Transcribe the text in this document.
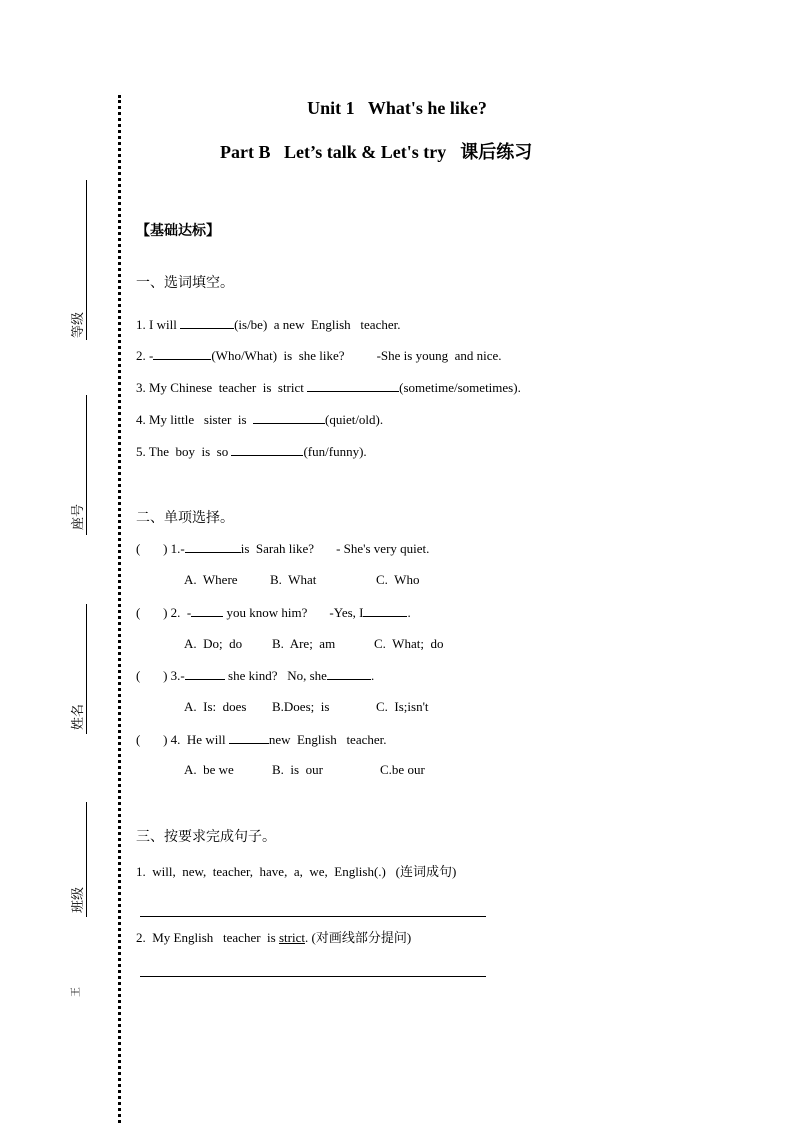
等级
座号
姓名
班级
王
Unit 1   What's he like?
Part B   Let’s talk & Let's try 课后练习
【基础达标】
一、选词填空。
1. I will	(is/be)  a new  English   teacher.
2. -	(Who/What)  is  she like? -She is young  and nice.
3. My Chinese  teacher  is  strict	(sometime/sometimes).
4. My little   sister  is	(quiet/old).
5. The  boy  is  so	(fun/funny).
二、单项选择。
(       ) 1.-	is  Sarah like? - She's very quiet.
A.  Where B.  What	C.  Who
(       ) 2.  - you know him? -Yes, I	.
A.  Do;  do B.  Are;  am	C.  What;  do
(       ) 3.-	she kind?   No, she	.
A.  Is:  does B.Does;  is	C.  Is;isn't
(       ) 4.  He will	new  English   teacher.
A.  be we	B.  is  our	C.be our
三、按要求完成句子。
1.  will,  new,  teacher,  have,  a,  we,  English(.)   (连词成句)
2.  My English   teacher  is strict. (对画线部分提问)
